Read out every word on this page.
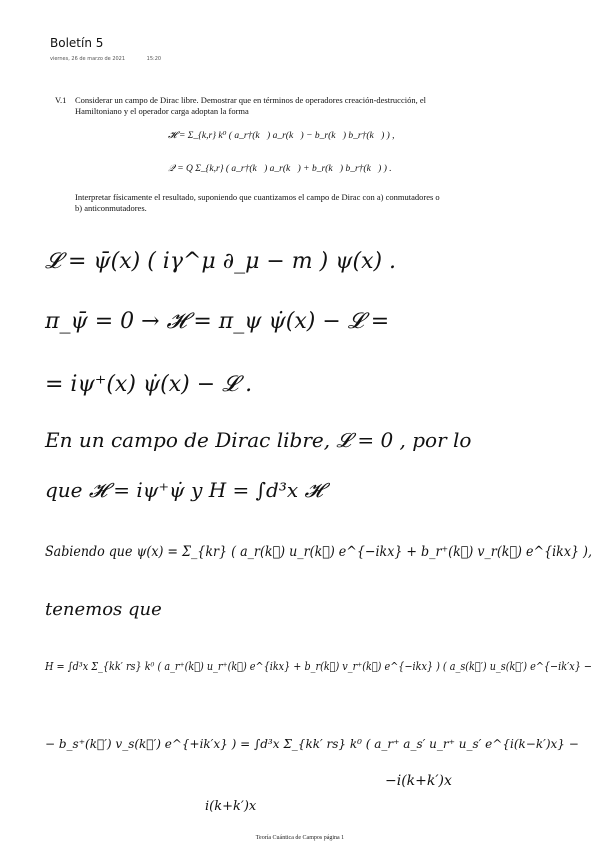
Boletín 5
viernes, 26 de marzo de 2021	15:20
V.1 Considerar un campo de Dirac libre. Demostrar que en términos de operadores creación-destrucción, el Hamiltoniano y el operador carga adoptan la forma
𝓗 = Σ_{k,r} k⁰ ( a_r†(k⃗) a_r(k⃗) − b_r(k⃗) b_r†(k⃗) ) ,
𝒬 = Q Σ_{k,r} ( a_r†(k⃗) a_r(k⃗) + b_r(k⃗) b_r†(k⃗) ) .
Interpretar físicamente el resultado, suponiendo que cuantizamos el campo de Dirac con a) conmutadores o b) anticonmutadores.
𝓛 = ψ̄(x) ( iγ^μ ∂_μ − m ) ψ(x) .
π_ψ̄ = 0 → 𝓗 = π_ψ ψ̇(x) − 𝓛 =
= iψ⁺(x) ψ̇(x) − 𝓛 .
En un campo de Dirac libre, 𝓛 = 0 , por lo
que 𝓗 = iψ⁺ψ̇ y H = ∫d³x 𝓗
Sabiendo que ψ(x) = Σ_{kr} ( a_r(k⃗) u_r(k⃗) e^{−ikx} + b_r⁺(k⃗) v_r(k⃗) e^{ikx} ),
tenemos que
H = ∫d³x Σ_{kk′ rs} k⁰ ( a_r⁺(k⃗) u_r⁺(k⃗) e^{ikx} + b_r(k⃗) v_r⁺(k⃗) e^{−ikx} ) ( a_s(k⃗′) u_s(k⃗′) e^{−ik′x} −
− b_s⁺(k⃗′) v_s(k⃗′) e^{+ik′x} ) = ∫d³x Σ_{kk′ rs} k⁰ ( a_r⁺ a_s′ u_r⁺ u_s′ e^{i(k−k′)x} −
−i(k+k′)x
i(k+k′)x
Teoría Cuántica de Campos página 1
